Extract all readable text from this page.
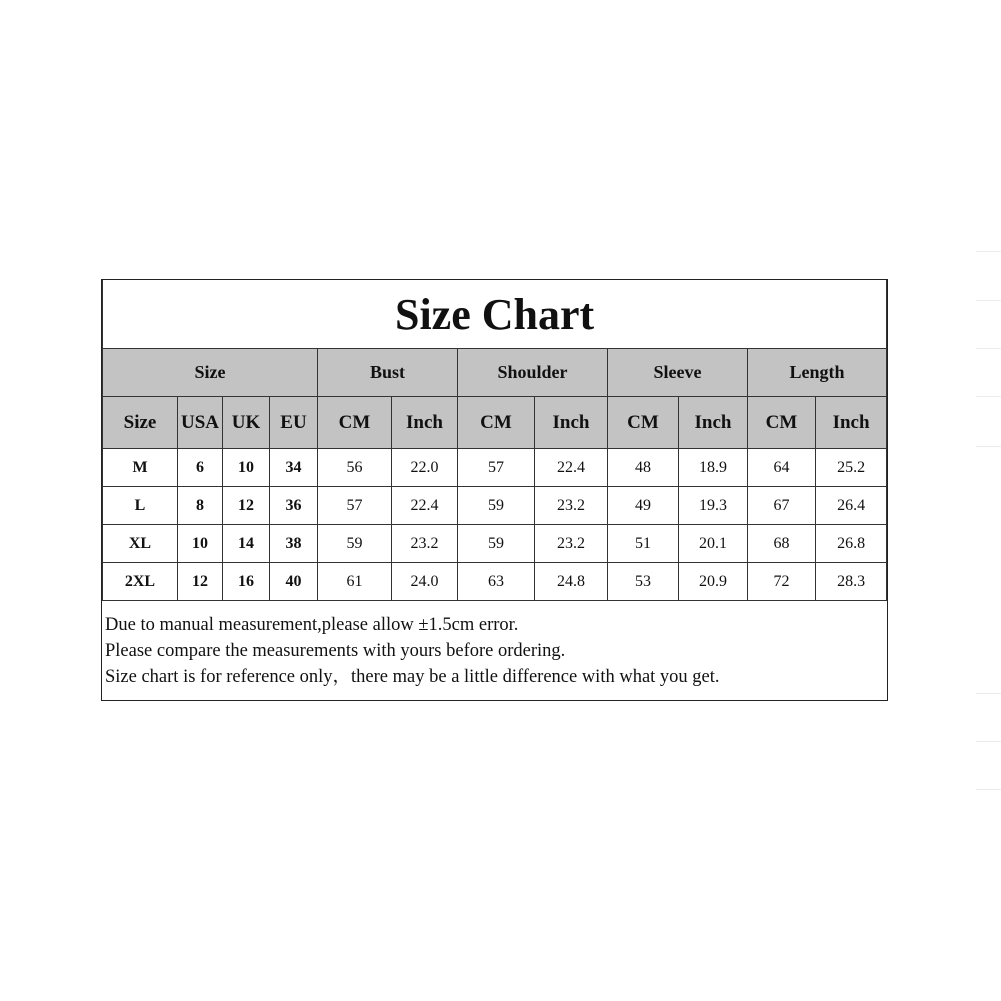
Size Chart											
Size				Bust		Shoulder		Sleeve		Length	
Size	USA	UK	EU	CM	Inch	CM	Inch	CM	Inch	CM	Inch
M	6	10	34	56	22.0	57	22.4	48	18.9	64	25.2
L	8	12	36	57	22.4	59	23.2	49	19.3	67	26.4
XL	10	14	38	59	23.2	59	23.2	51	20.1	68	26.8
2XL	12	16	40	61	24.0	63	24.8	53	20.9	72	28.3
Due to manual measurement,please allow ±1.5cm error.
Please compare the measurements with yours before ordering.
Size chart is for reference only，there may be a little difference with what you get.
